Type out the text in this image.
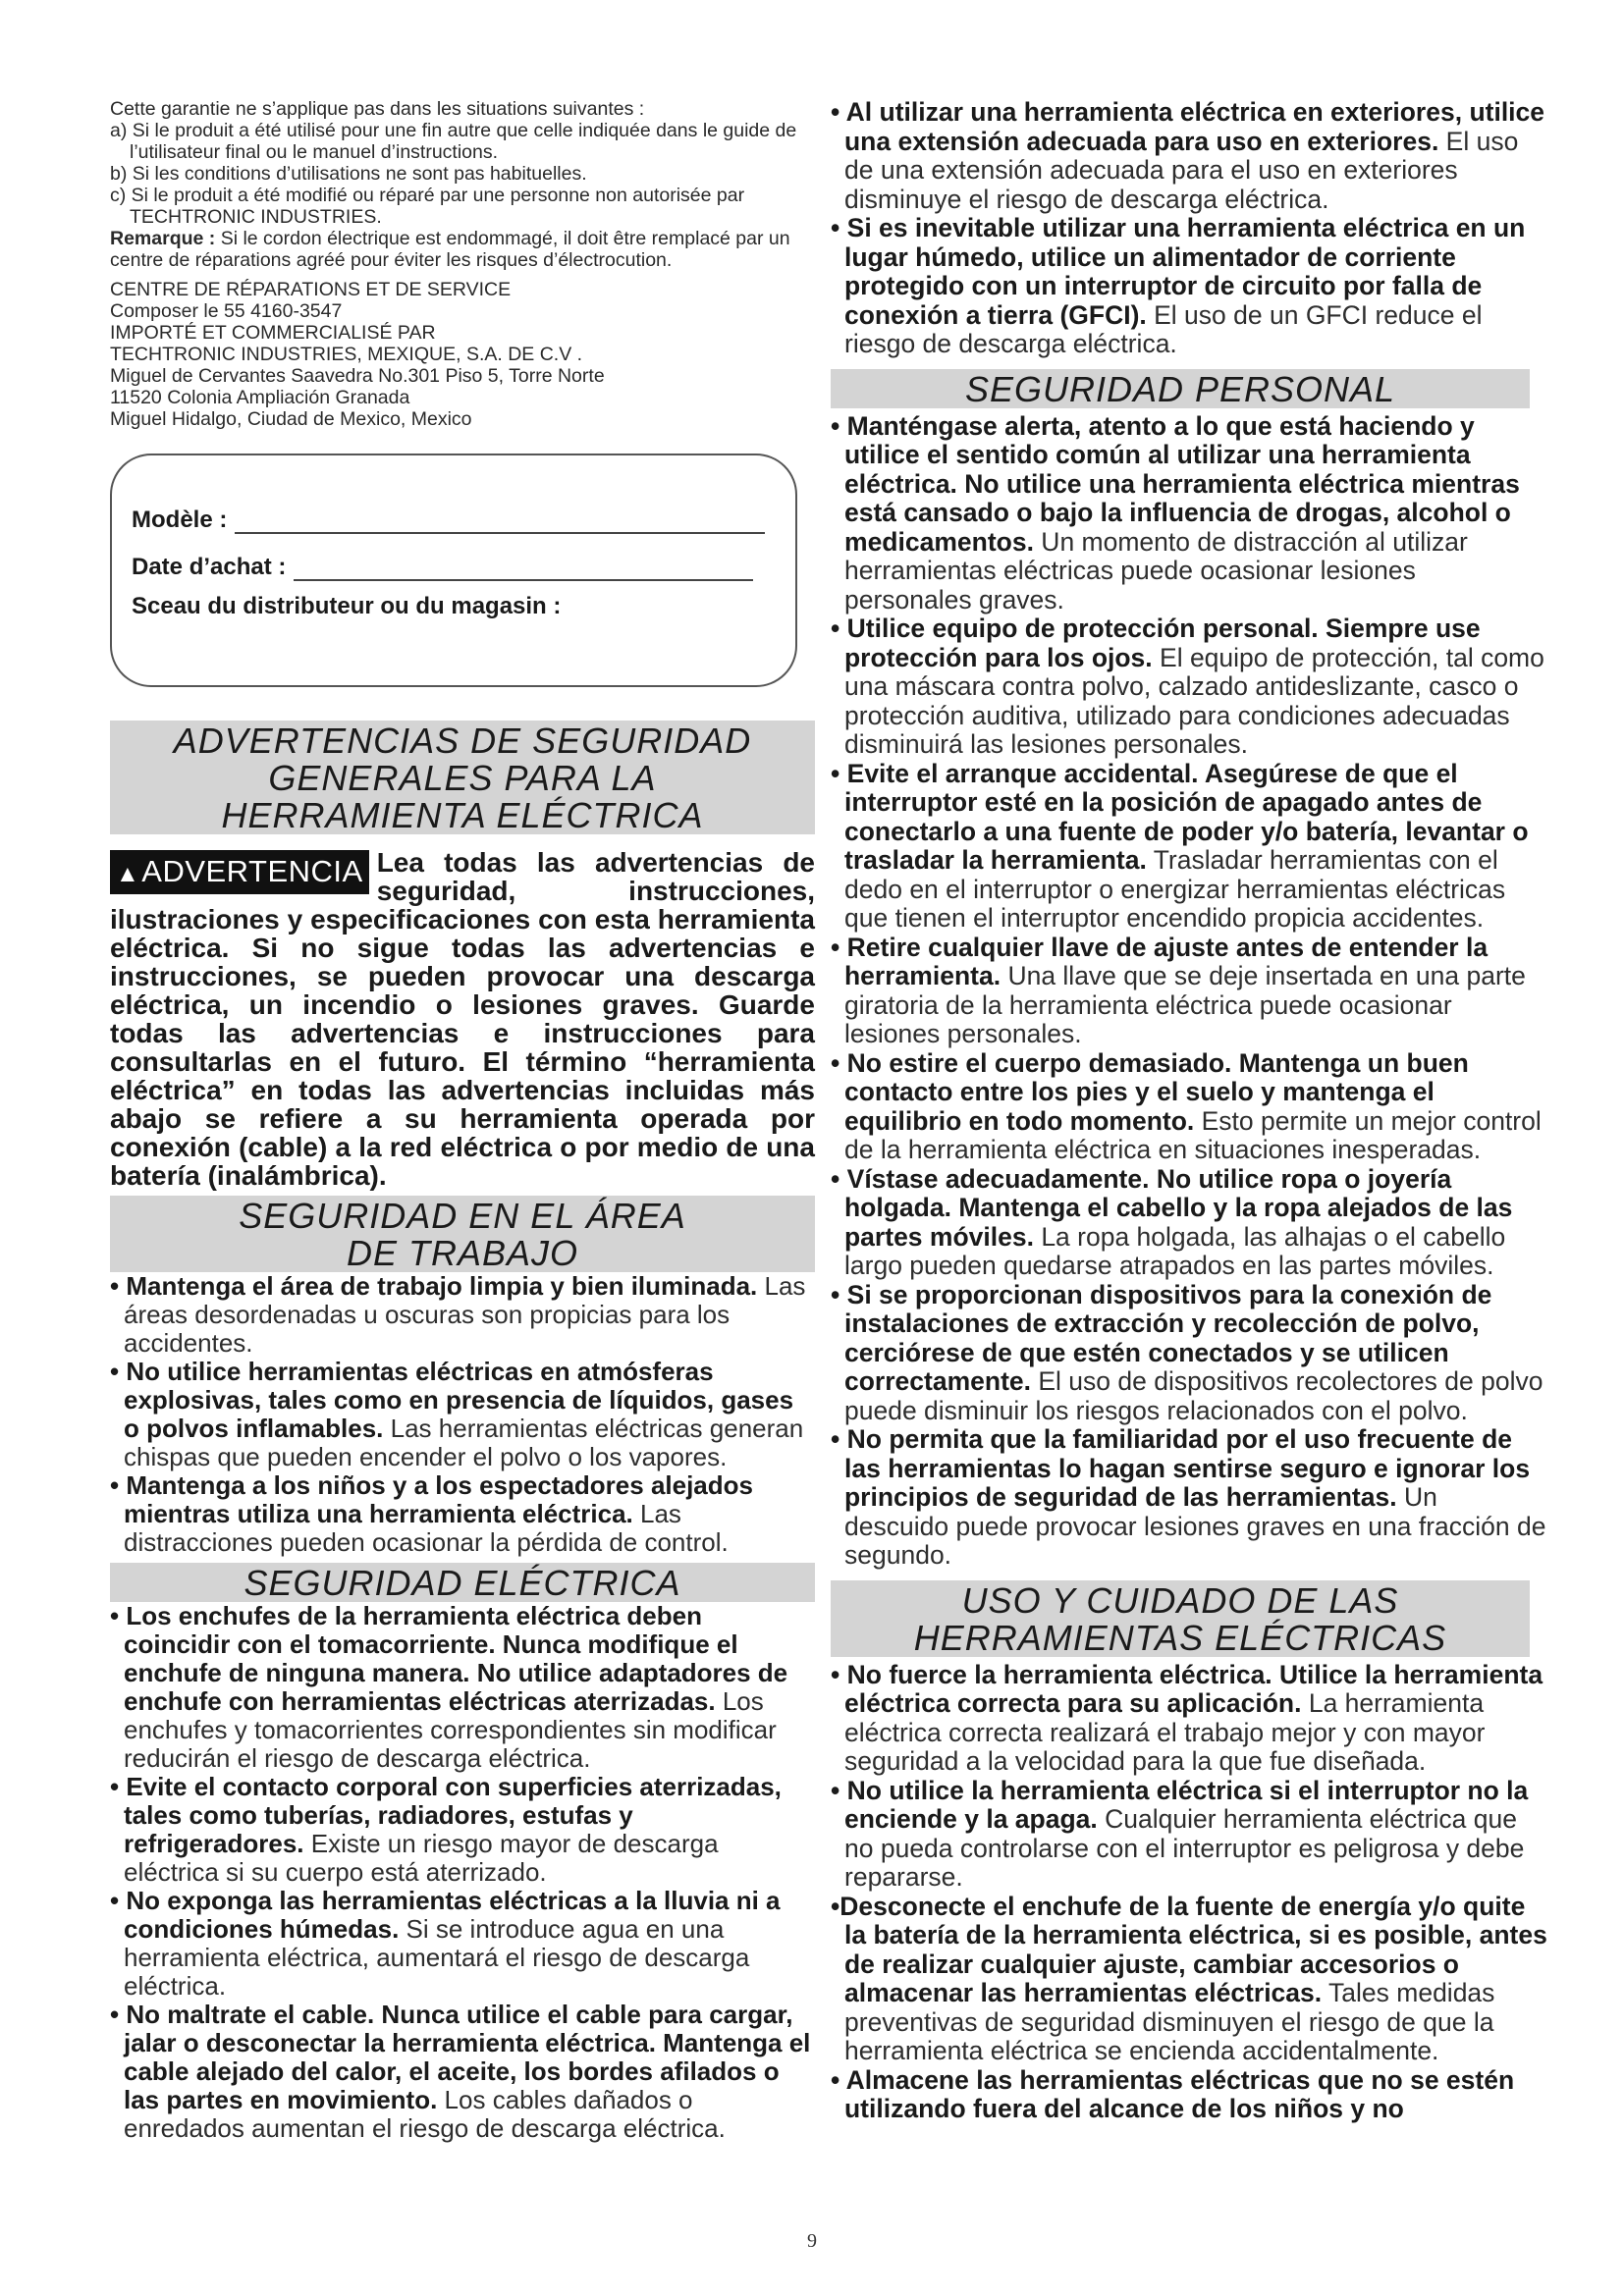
Cette garantie ne s’applique pas dans les situations suivantes :

a) Si le produit a été utilisé pour une fin autre que celle indiquée dans le guide de l’utilisateur final ou le manuel d’instructions.

b) Si les conditions d’utilisations ne sont pas habituelles.

c) Si le produit a été modifié ou réparé par une personne non autorisée par TECHTRONIC INDUSTRIES.

Remarque : Si le cordon électrique est endommagé, il doit être remplacé par un centre de réparations agréé pour éviter les risques d’électrocution.

CENTRE DE RÉPARATIONS ET DE SERVICE

Composer le 55 4160-3547

IMPORTÉ ET COMMERCIALISÉ PAR

TECHTRONIC INDUSTRIES, MEXIQUE, S.A. DE C.V .

Miguel de Cervantes Saavedra No.301 Piso 5, Torre Norte

11520 Colonia Ampliación Granada

Miguel Hidalgo, Ciudad de Mexico, Mexico

Modèle :
Date d’achat :
Sceau du distributeur ou du magasin :
ADVERTENCIAS DE SEGURIDAD
GENERALES PARA LA
HERRAMIENTA ELÉCTRICA
▲ADVERTENCIA Lea todas las advertencias de seguridad, instrucciones, ilustraciones y especificaciones con esta herramienta eléctrica. Si no sigue todas las advertencias e instrucciones, se pueden provocar una descarga eléctrica, un incendio o lesiones graves. Guarde todas las advertencias e instrucciones para consultarlas en el futuro. El término “herramienta eléctrica” en todas las advertencias incluidas más abajo se refiere a su herramienta operada por conexión (cable) a la red eléctrica o por medio de una batería (inalámbrica).

SEGURIDAD EN EL ÁREA
DE TRABAJO
• Mantenga el área de trabajo limpia y bien iluminada. Las áreas desordenadas u oscuras son propicias para los accidentes.
• No utilice herramientas eléctricas en atmósferas explosivas, tales como en presencia de líquidos, gases o polvos inflamables. Las herramientas eléctricas generan chispas que pueden encender el polvo o los vapores.
• Mantenga a los niños y a los espectadores alejados mientras utiliza una herramienta eléctrica. Las distracciones pueden ocasionar la pérdida de control.
SEGURIDAD ELÉCTRICA
• Los enchufes de la herramienta eléctrica deben coincidir con el tomacorriente. Nunca modifique el enchufe de ninguna manera. No utilice adaptadores de enchufe con herramientas eléctricas aterrizadas. Los enchufes y tomacorrientes correspondientes sin modificar reducirán el riesgo de descarga eléctrica.
• Evite el contacto corporal con superficies aterrizadas, tales como tuberías, radiadores, estufas y refrigeradores. Existe un riesgo mayor de descarga eléctrica si su cuerpo está aterrizado.
• No exponga las herramientas eléctricas a la lluvia ni a condiciones húmedas. Si se introduce agua en una herramienta eléctrica, aumentará el riesgo de descarga eléctrica.
• No maltrate el cable. Nunca utilice el cable para cargar, jalar o desconectar la herramienta eléctrica. Mantenga el cable alejado del calor, el aceite, los bordes afilados o las partes en movimiento. Los cables dañados o enredados aumentan el riesgo de descarga eléctrica.
• Al utilizar una herramienta eléctrica en exteriores, utilice una extensión adecuada para uso en exteriores. El uso de una extensión adecuada para el uso en exteriores disminuye el riesgo de descarga eléctrica.
• Si es inevitable utilizar una herramienta eléctrica en un lugar húmedo, utilice un alimentador de corriente protegido con un interruptor de circuito por falla de conexión a tierra (GFCI). El uso de un GFCI reduce el riesgo de descarga eléctrica.
SEGURIDAD PERSONAL
• Manténgase alerta, atento a lo que está haciendo y utilice el sentido común al utilizar una herramienta eléctrica. No utilice una herramienta eléctrica mientras está cansado o bajo la influencia de drogas, alcohol o medicamentos. Un momento de distracción al utilizar herramientas eléctricas puede ocasionar lesiones personales graves.
• Utilice equipo de protección personal. Siempre use protección para los ojos. El equipo de protección, tal como una máscara contra polvo, calzado antideslizante, casco o protección auditiva, utilizado para condiciones adecuadas disminuirá las lesiones personales.
• Evite el arranque accidental. Asegúrese de que el interruptor esté en la posición de apagado antes de conectarlo a una fuente de poder y/o batería, levantar o trasladar la herramienta. Trasladar herramientas con el dedo en el interruptor o energizar herramientas eléctricas que tienen el interruptor encendido propicia accidentes.
• Retire cualquier llave de ajuste antes de entender la herramienta. Una llave que se deje insertada en una parte giratoria de la herramienta eléctrica puede ocasionar lesiones personales.
• No estire el cuerpo demasiado. Mantenga un buen contacto entre los pies y el suelo y mantenga el equilibrio en todo momento. Esto permite un mejor control de la herramienta eléctrica en situaciones inesperadas.
• Vístase adecuadamente. No utilice ropa o joyería holgada. Mantenga el cabello y la ropa alejados de las partes móviles. La ropa holgada, las alhajas o el cabello largo pueden quedarse atrapados en las partes móviles.
• Si se proporcionan dispositivos para la conexión de instalaciones de extracción y recolección de polvo, cerciórese de que estén conectados y se utilicen correctamente. El uso de dispositivos recolectores de polvo puede disminuir los riesgos relacionados con el polvo.
• No permita que la familiaridad por el uso frecuente de las herramientas lo hagan sentirse seguro e ignorar los principios de seguridad de las herramientas. Un descuido puede provocar lesiones graves en una fracción de segundo.
USO Y CUIDADO DE LAS
HERRAMIENTAS ELÉCTRICAS
• No fuerce la herramienta eléctrica. Utilice la herramienta eléctrica correcta para su aplicación. La herramienta eléctrica correcta realizará el trabajo mejor y con mayor seguridad a la velocidad para la que fue diseñada.
• No utilice la herramienta eléctrica si el interruptor no la enciende y la apaga. Cualquier herramienta eléctrica que no pueda controlarse con el interruptor es peligrosa y debe repararse.
•Desconecte el enchufe de la fuente de energía y/o quite la batería de la herramienta eléctrica, si es posible, antes de realizar cualquier ajuste, cambiar accesorios o almacenar las herramientas eléctricas. Tales medidas preventivas de seguridad disminuyen el riesgo de que la herramienta eléctrica se encienda accidentalmente.
• Almacene las herramientas eléctricas que no se estén utilizando fuera del alcance de los niños y no
9
